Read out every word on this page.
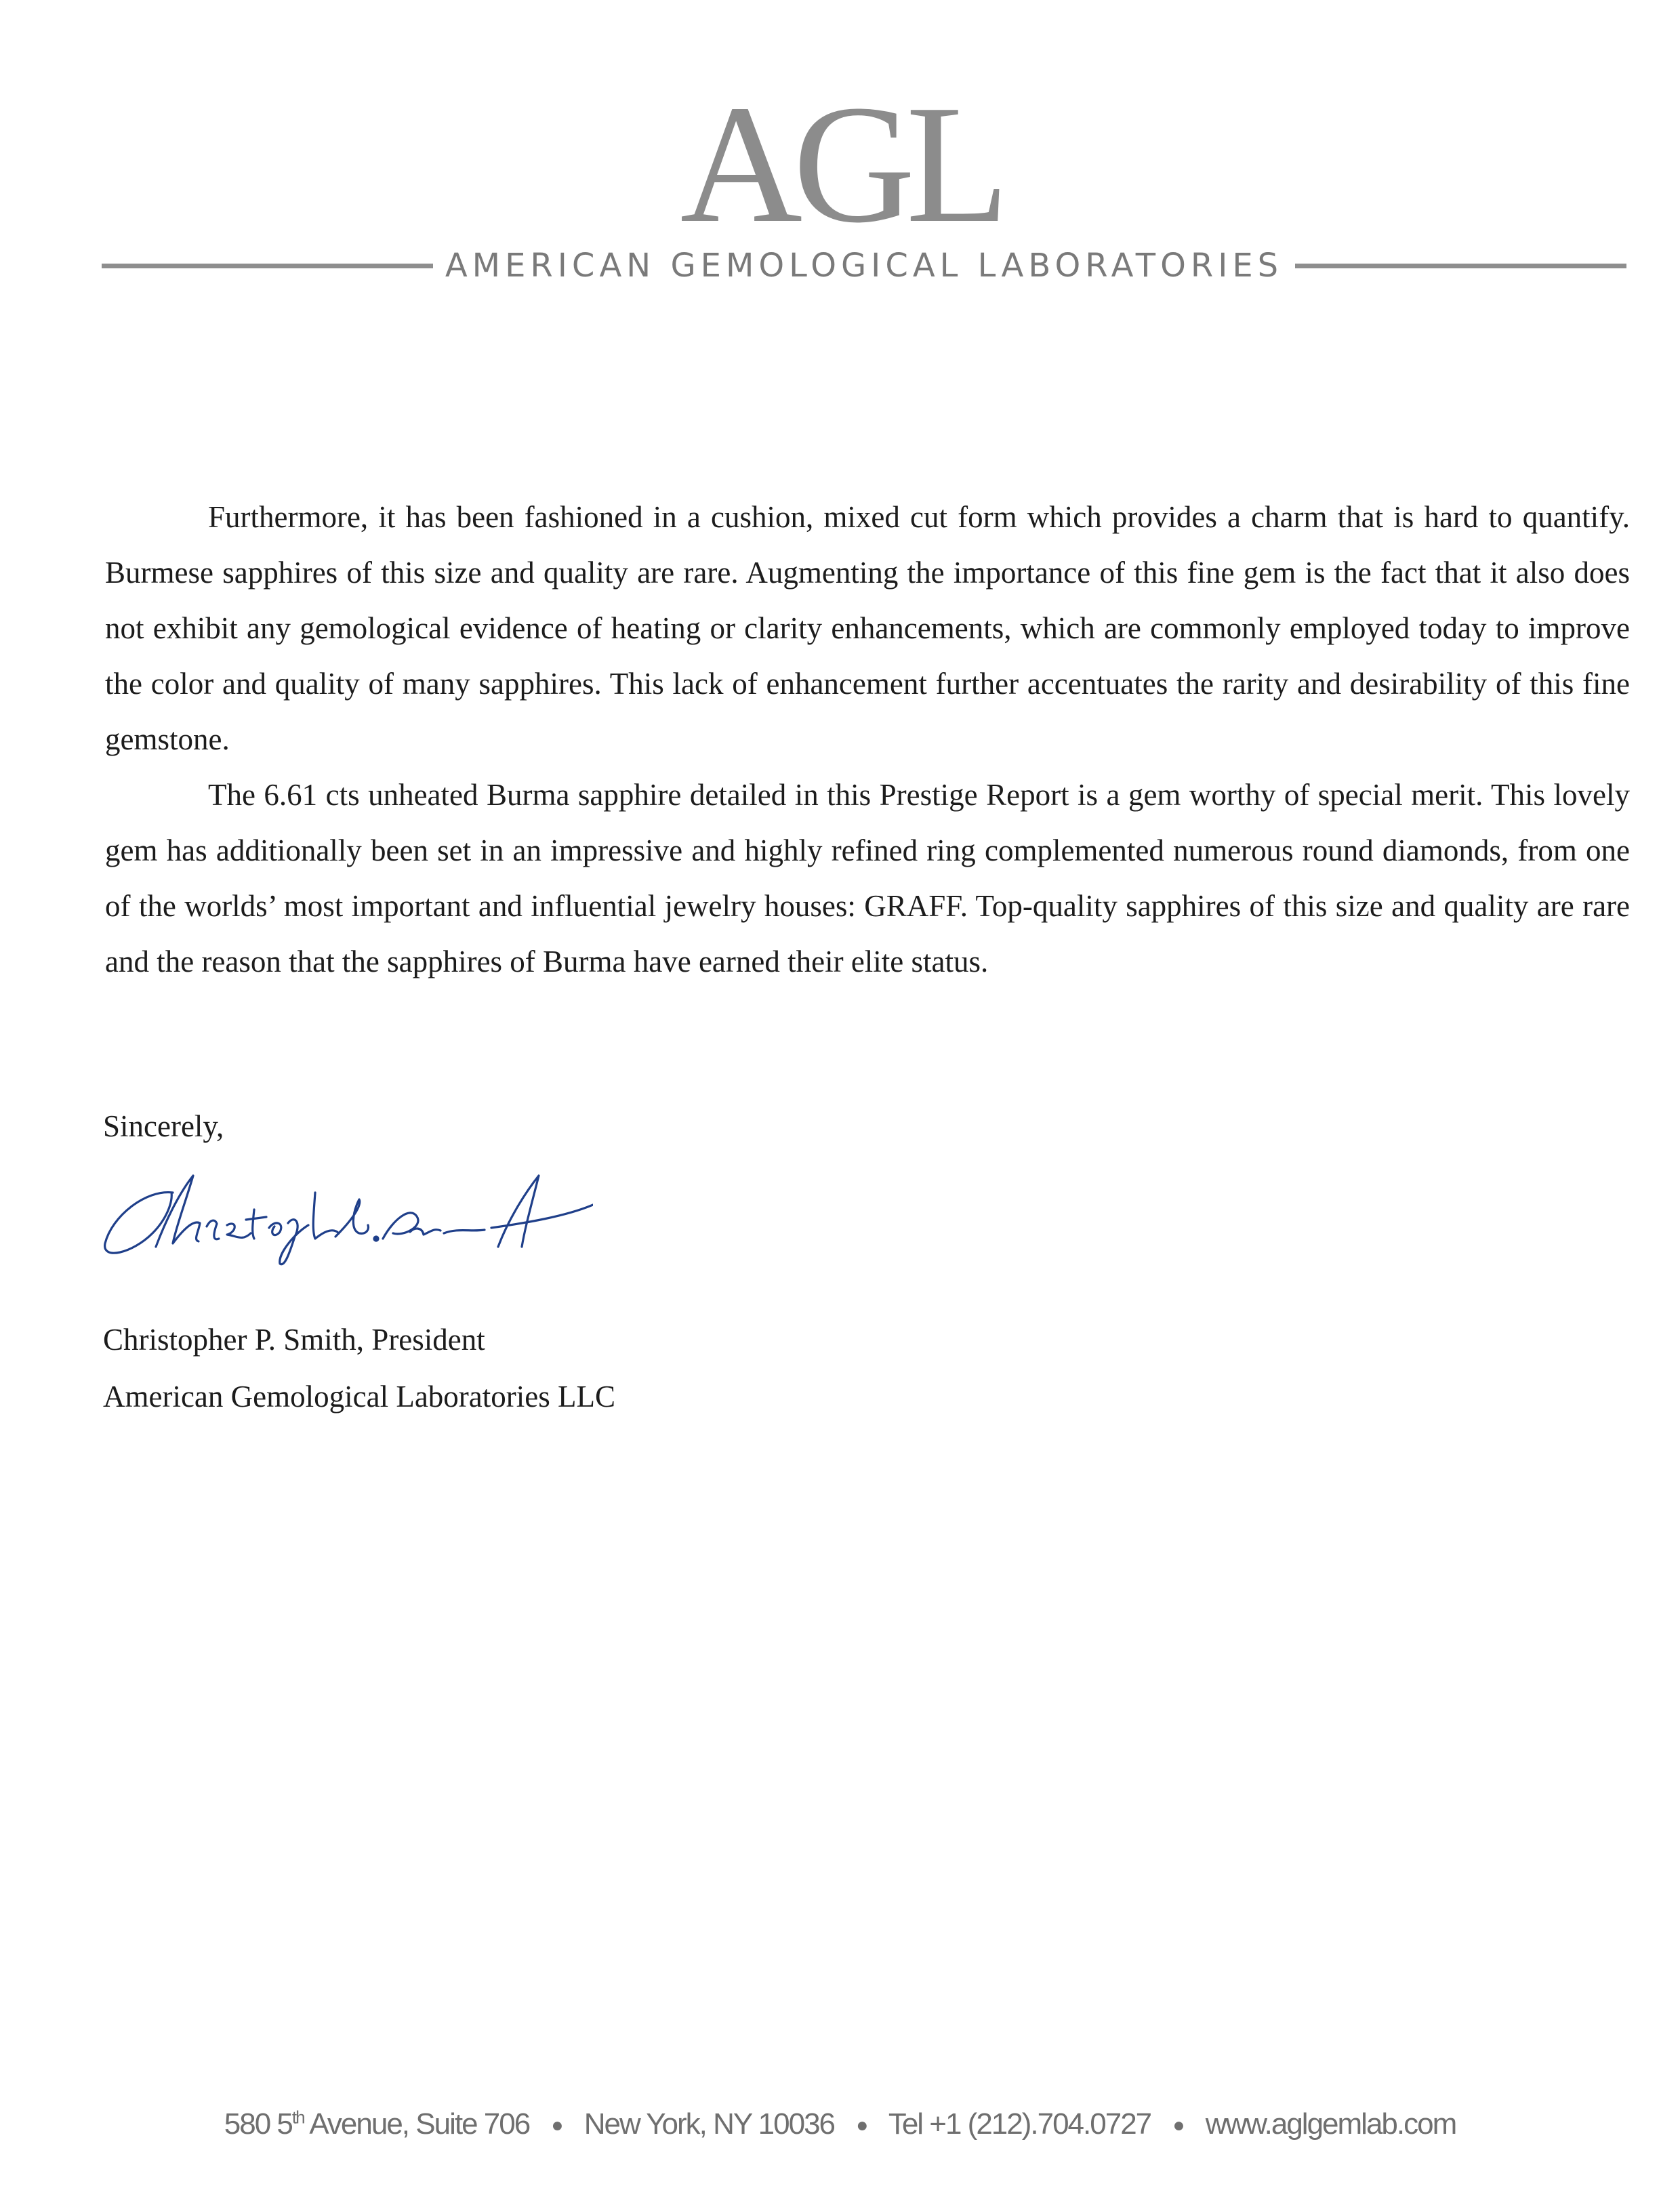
AGL
AMERICAN GEMOLOGICAL LABORATORIES

Furthermore, it has been fashioned in a cushion, mixed cut form which provides a charm that is hard to quantify. Burmese sapphires of this size and quality are rare. Augmenting the importance of this fine gem is the fact that it also does not exhibit any gemological evidence of heating or clarity enhancements, which are commonly employed today to improve the color and quality of many sapphires. This lack of enhancement further accentuates the rarity and desirability of this fine gemstone.

The 6.61 cts unheated Burma sapphire detailed in this Prestige Report is a gem worthy of special merit. This lovely gem has additionally been set in an impressive and highly refined ring complemented numerous round diamonds, from one of the worlds’ most important and influential jewelry houses: GRAFF. Top-quality sapphires of this size and quality are rare and the reason that the sapphires of Burma have earned their elite status.

Sincerely,
Christopher P. Smith, President
American Gemological Laboratories LLC
580 5th Avenue, Suite 706 ● New York, NY 10036 ● Tel +1 (212).704.0727 ● www.aglgemlab.com
